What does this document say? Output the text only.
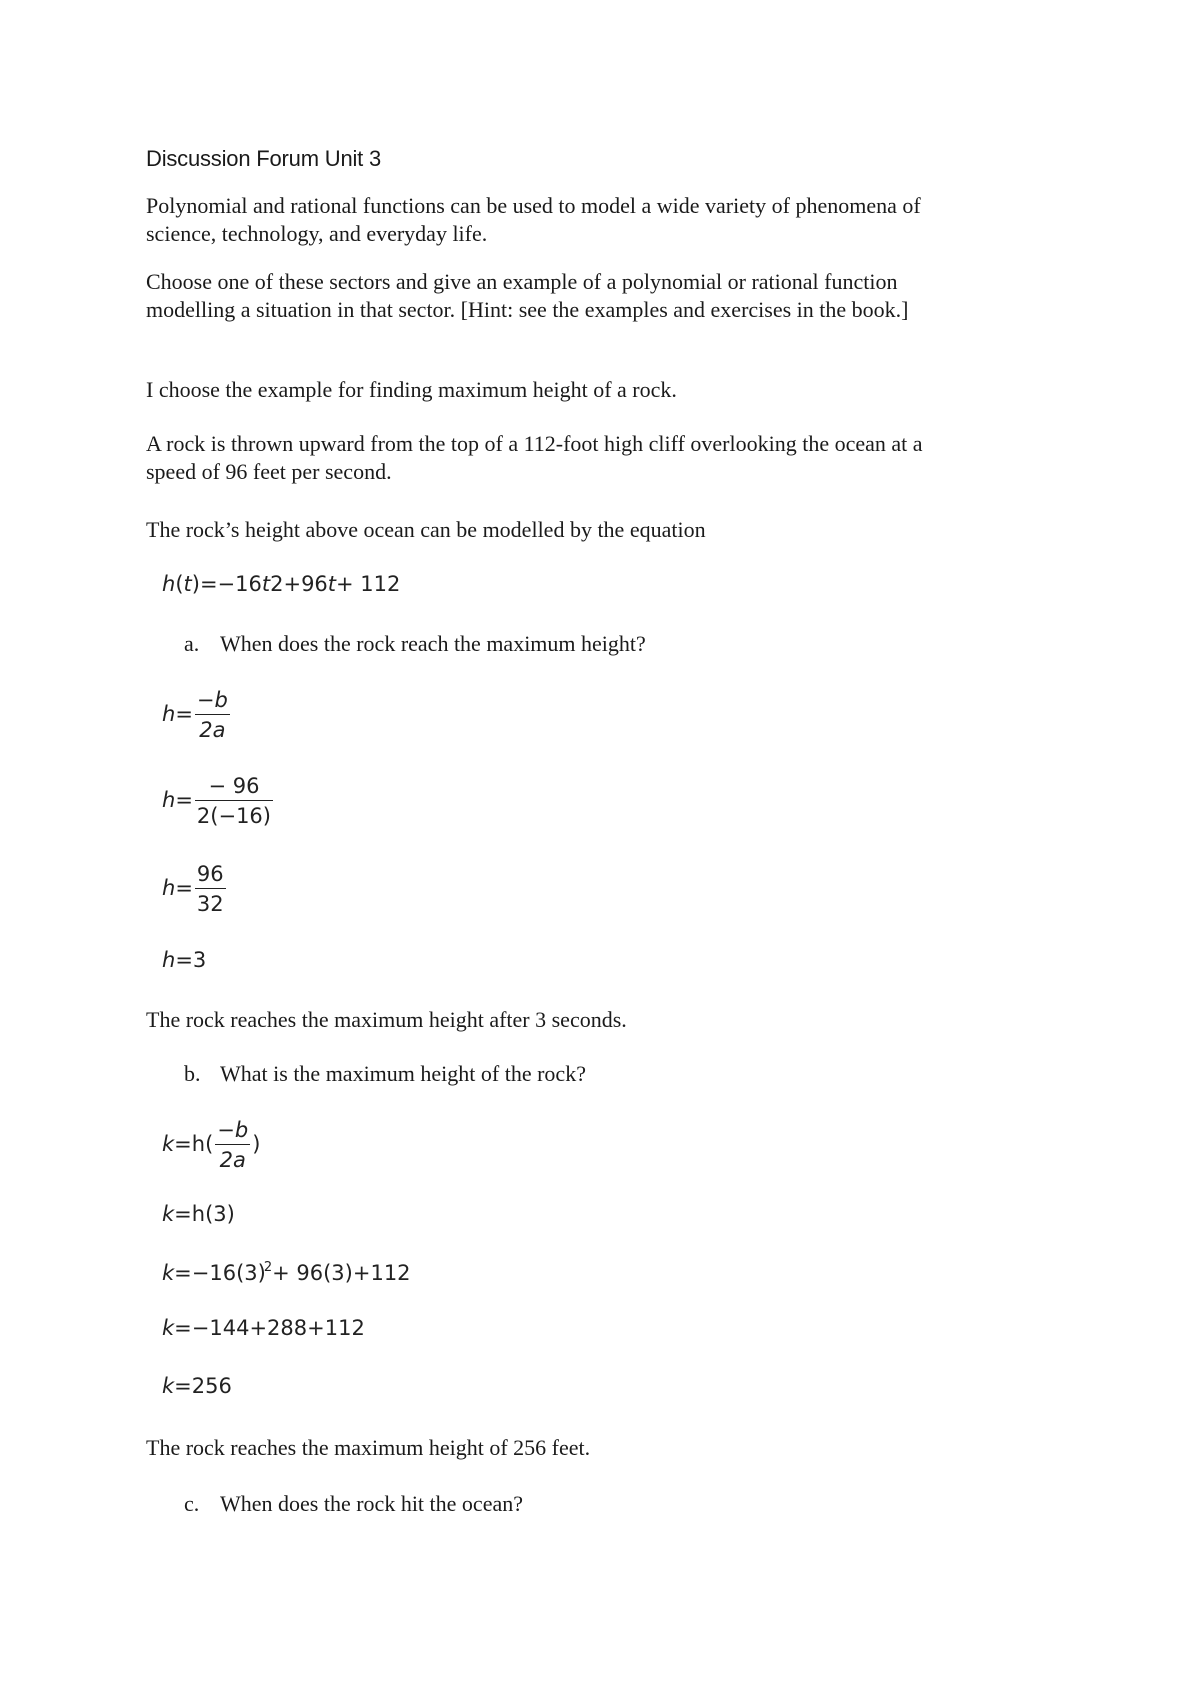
Discussion Forum Unit 3

Polynomial and rational functions can be used to model a wide variety of phenomena of
science, technology, and everyday life.

Choose one of these sectors and give an example of a polynomial or rational function
modelling a situation in that sector. [Hint: see the examples and exercises in the book.]

I choose the example for finding maximum height of a rock.

A rock is thrown upward from the top of a 112-foot high cliff overlooking the ocean at a
speed of 96 feet per second.

The rock’s height above ocean can be modelled by the equation

h(t)=−16t2+96t+ 112

a. When does the rock reach the maximum height?

$h= \frac{-b}{2a}$
$h= \frac{- 96}{2(-16)}$
$h= \frac{96}{32}$
h=3

The rock reaches the maximum height after 3 seconds.

b. What is the maximum height of the rock?

$k=h( \frac{-b}{2a}$ )
k=h(3)
$k=-16(3)^2+ 96(3)+112$
k=−144+288+112
k=256

The rock reaches the maximum height of 256 feet.

c. When does the rock hit the ocean?
